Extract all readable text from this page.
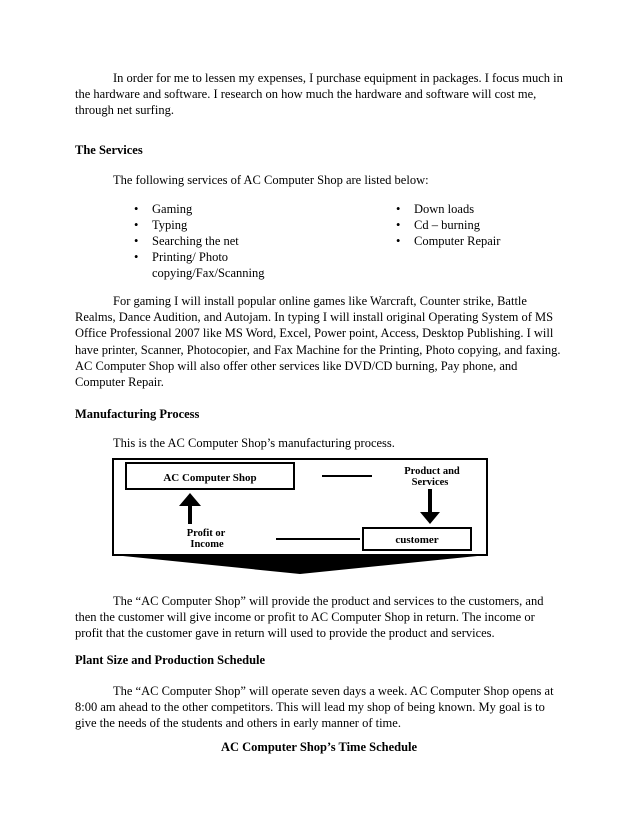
In order for me to lessen my expenses, I purchase equipment in packages. I focus much in the hardware and software. I research on how much the hardware and software will cost me, through net surfing.

The Services

The following services of AC Computer Shop are listed below:

• Gaming
• Typing
• Searching the net
• Printing/ Photo copying/Fax/Scanning
• Down loads
• Cd – burning
• Computer Repair

For gaming I will install popular online games like Warcraft, Counter strike, Battle Realms, Dance Audition, and Autojam. In typing I will install original Operating System of MS Office Professional 2007 like MS Word, Excel, Power point, Access, Desktop Publishing. I will have printer, Scanner, Photocopier, and Fax Machine for the Printing, Photo copying, and faxing. AC Computer Shop will also offer other services like DVD/CD burning, Pay phone, and Computer Repair.

Manufacturing Process

This is the AC Computer Shop’s manufacturing process.

AC Computer Shop
Product and
Services
customer
Profit or
Income

The “AC Computer Shop” will provide the product and services to the customers, and then the customer will give income or profit to AC Computer Shop in return. The income or profit that the customer gave in return will used to provide the product and services.

Plant Size and Production Schedule

The “AC Computer Shop” will operate seven days a week. AC Computer Shop opens at 8:00 am ahead to the other competitors. This will lead my shop of being known. My goal is to give the needs of the students and others in early manner of time.

AC Computer Shop’s Time Schedule
